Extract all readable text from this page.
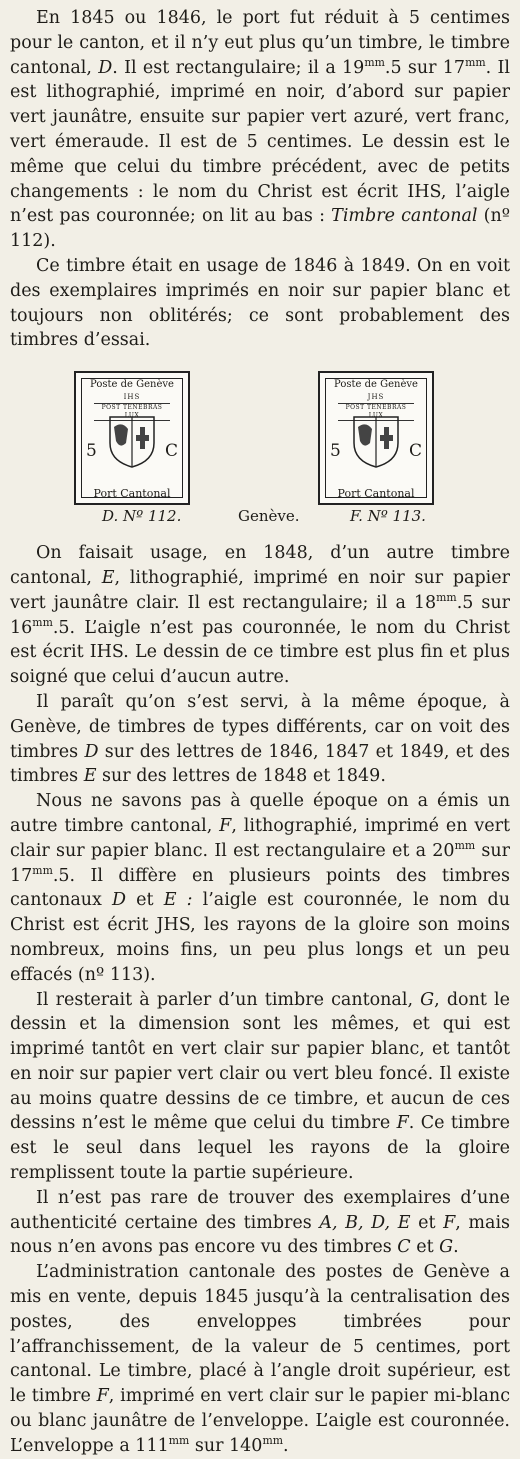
En 1845 ou 1846, le port fut réduit à 5 centimes pour le canton, et il n’y eut plus qu’un timbre, le timbre cantonal, D. Il est rectangulaire; il a $19^{mm}.5$ sur $17^{mm}$. Il est lithographié, imprimé en noir, d’abord sur papier vert jaunâtre, ensuite sur papier vert azuré, vert franc, vert émeraude. Il est de 5 centimes. Le dessin est le même que celui du timbre précédent, avec de petits changements : le nom du Christ est écrit IHS, l’aigle n’est pas couronnée; on lit au bas : Timbre cantonal (nº 112).

Ce timbre était en usage de 1846 à 1849. On en voit des exemplaires imprimés en noir sur papier blanc et toujours non oblitérés; ce sont probablement des timbres d’essai.

Poste de Genève
IHS
POST TENEBRAS LUX
5	C
Port Cantonal
Poste de Genève
JHS
POST TENEBRAS LUX
5	C
Port Cantonal
D. Nº 112.	Genève.	F. Nº 113.

On faisait usage, en 1848, d’un autre timbre cantonal, E, lithographié, imprimé en noir sur papier vert jaunâtre clair. Il est rectangulaire; il a $18^{mm}.5$ sur $16^{mm}.5$. L’aigle n’est pas couronnée, le nom du Christ est écrit IHS. Le dessin de ce timbre est plus fin et plus soigné que celui d’aucun autre.

Il paraît qu’on s’est servi, à la même époque, à Genève, de timbres de types différents, car on voit des timbres D sur des lettres de 1846, 1847 et 1849, et des timbres E sur des lettres de 1848 et 1849.

Nous ne savons pas à quelle époque on a émis un autre timbre cantonal, F, lithographié, imprimé en vert clair sur papier blanc. Il est rectangulaire et a $20^{mm}$ sur $17^{mm}.5$. Il diffère en plusieurs points des timbres cantonaux D et E : l’aigle est couronnée, le nom du Christ est écrit JHS, les rayons de la gloire son moins nombreux, moins fins, un peu plus longs et un peu effacés (nº 113).

Il resterait à parler d’un timbre cantonal, G, dont le dessin et la dimension sont les mêmes, et qui est imprimé tantôt en vert clair sur papier blanc, et tantôt en noir sur papier vert clair ou vert bleu foncé. Il existe au moins quatre dessins de ce timbre, et aucun de ces dessins n’est le même que celui du timbre F. Ce timbre est le seul dans lequel les rayons de la gloire remplissent toute la partie supérieure.

Il n’est pas rare de trouver des exemplaires d’une authenticité certaine des timbres A, B, D, E et F, mais nous n’en avons pas encore vu des timbres C et G.

L’administration cantonale des postes de Genève a mis en vente, depuis 1845 jusqu’à la centralisation des postes, des enveloppes timbrées pour l’affranchissement, de la valeur de 5 centimes, port cantonal. Le timbre, placé à l’angle droit supérieur, est le timbre F, imprimé en vert clair sur le papier mi-blanc ou blanc jaunâtre de l’enveloppe. L’aigle est couronnée. L’enveloppe a $111^{mm}$ sur $140^{mm}$.
